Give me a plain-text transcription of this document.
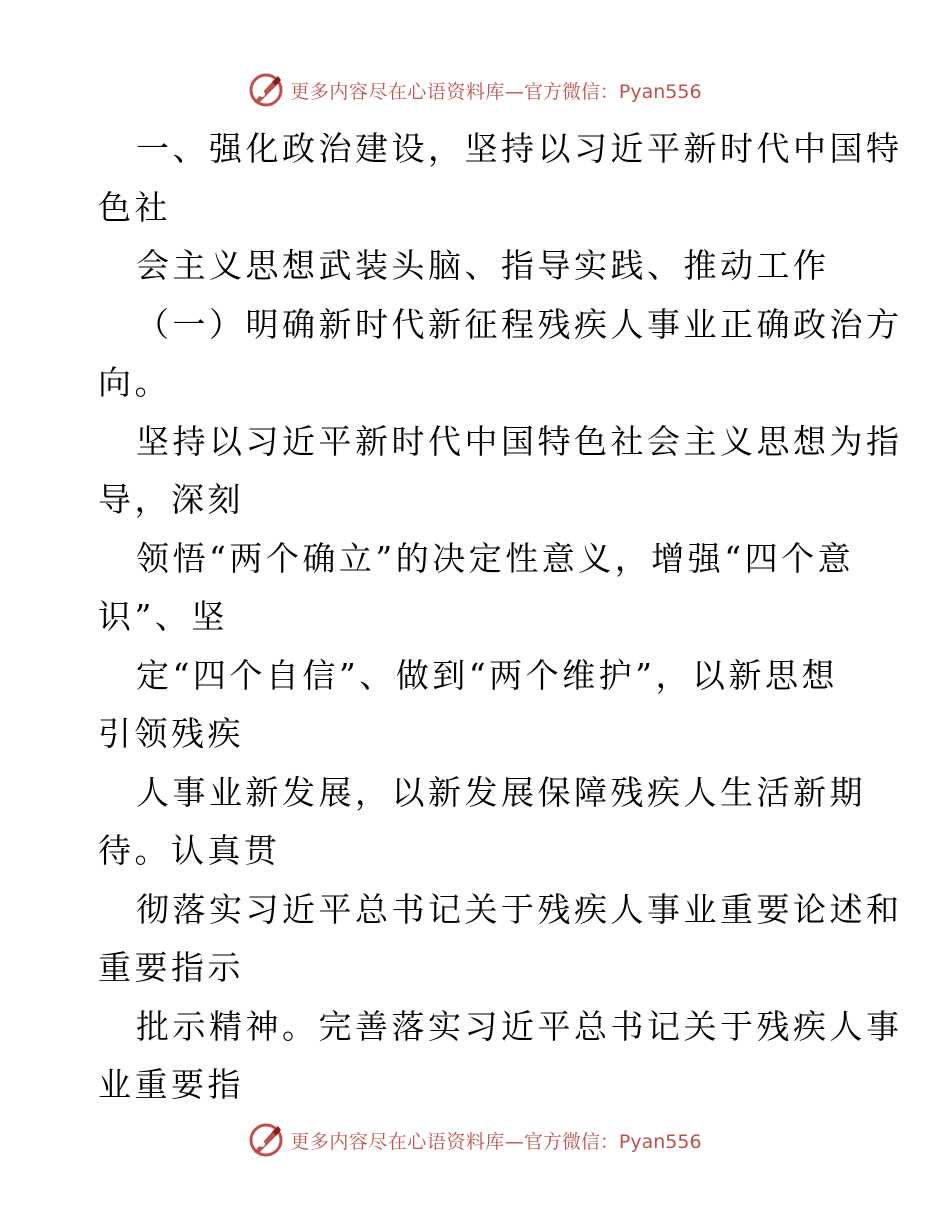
更多内容尽在心语资料库 —官方微信：Pyan556
一、强化政治建设，坚持以习近平新时代中国特
色社
会主义思想武装头脑、指导实践、推动工作
（一）明确新时代新征程残疾人事业正确政治方
向。
坚持以习近平新时代中国特色社会主义思想为指
导，深刻
领悟“两个确立”的决定性意义，增强“四个意
识”、坚
定“四个自信”、做到“两个维护”，以新思想
引领残疾
人事业新发展，以新发展保障残疾人生活新期
待。认真贯
彻落实习近平总书记关于残疾人事业重要论述和
重要指示
批示精神。完善落实习近平总书记关于残疾人事
业重要指
更多内容尽在心语资料库 —官方微信：Pyan556
